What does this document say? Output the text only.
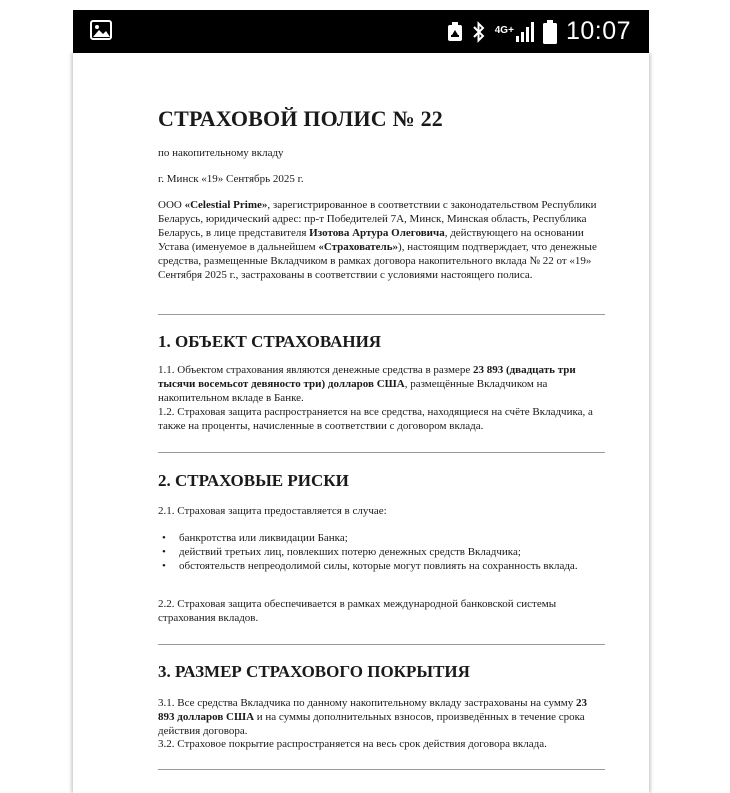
4G+ 10:07
СТРАХОВОЙ ПОЛИС № 22

по накопительному вкладу

г. Минск «19» Сентябрь 2025 г.

ООО «Celestial Prime», зарегистрированное в соответствии с законодательством Республики Беларусь, юридический адрес: пр-т Победителей 7А, Минск, Минская область, Республика Беларусь, в лице представителя Изотова Артура Олеговича, действующего на основании Устава (именуемое в дальнейшем «Страхователь»), настоящим подтверждает, что денежные средства, размещенные Вкладчиком в рамках договора накопительного вклада № 22 от «19» Сентября 2025 г., застрахованы в соответствии с условиями настоящего полиса.

1. ОБЪЕКТ СТРАХОВАНИЯ

1.1. Объектом страхования являются денежные средства в размере 23 893 (двадцать три тысячи восемьсот девяносто три) долларов США, размещённые Вкладчиком на накопительном вкладе в Банке.

1.2. Страховая защита распространяется на все средства, находящиеся на счёте Вкладчика, а также на проценты, начисленные в соответствии с договором вклада.

2. СТРАХОВЫЕ РИСКИ

2.1. Страховая защита предоставляется в случае:

• банкротства или ликвидации Банка;
• действий третьих лиц, повлекших потерю денежных средств Вкладчика;
• обстоятельств непреодолимой силы, которые могут повлиять на сохранность вклада.

2.2. Страховая защита обеспечивается в рамках международной банковской системы страхования вкладов.

3. РАЗМЕР СТРАХОВОГО ПОКРЫТИЯ

3.1. Все средства Вкладчика по данному накопительному вкладу застрахованы на сумму 23 893 долларов США и на суммы дополнительных взносов, произведённых в течение срока действия договора.

3.2. Страховое покрытие распространяется на весь срок действия договора вклада.
